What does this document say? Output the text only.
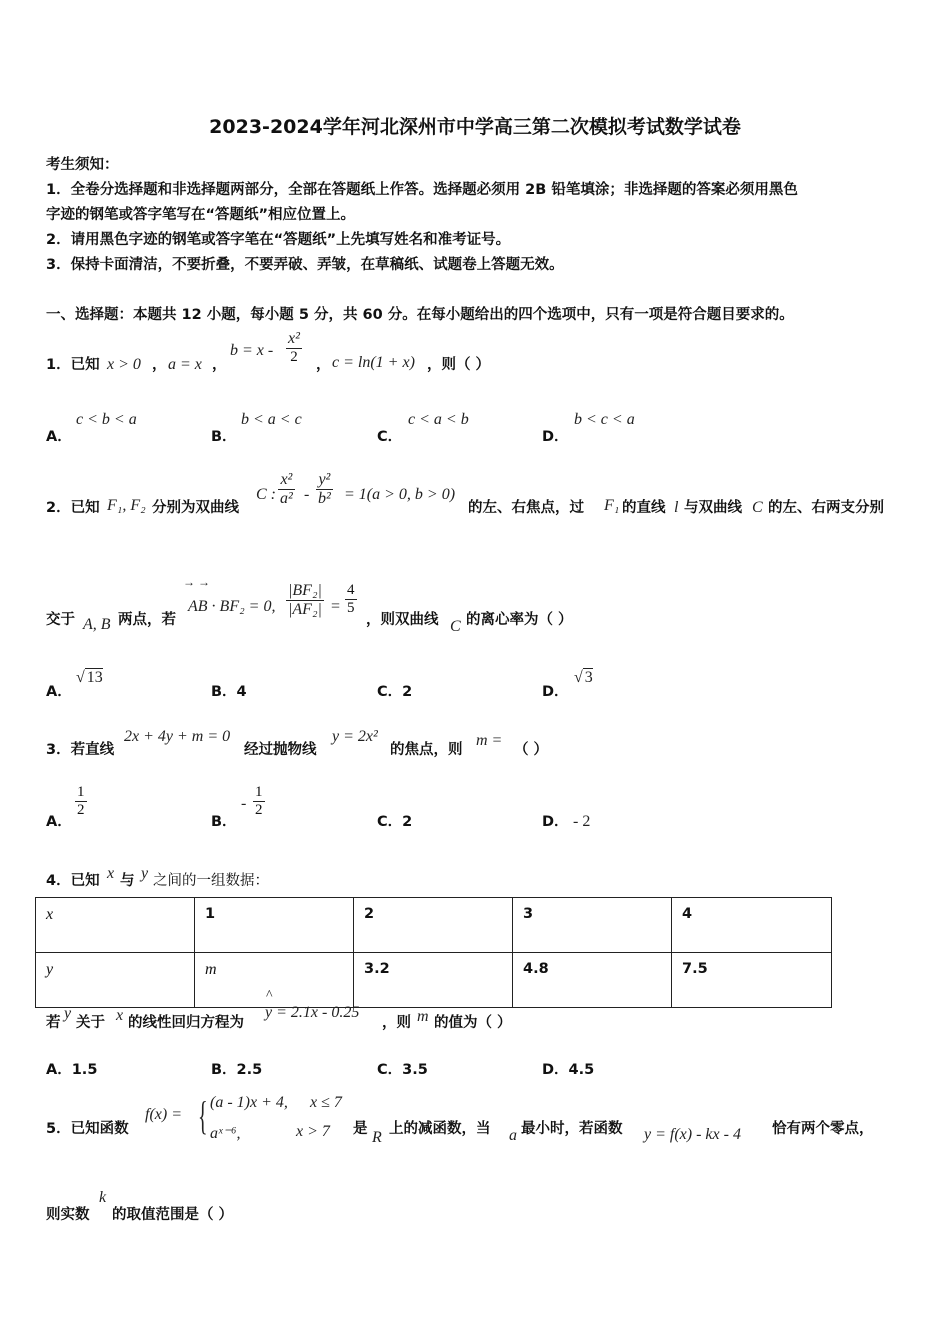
2023-2024学年河北深州市中学高三第二次模拟考试数学试卷
考生须知：
1．全卷分选择题和非选择题两部分，全部在答题纸上作答。选择题必须用 2B 铅笔填涂；非选择题的答案必须用黑色
字迹的钢笔或答字笔写在“答题纸”相应位置上。
2．请用黑色字迹的钢笔或答字笔在“答题纸”上先填写姓名和准考证号。
3．保持卡面清洁，不要折叠，不要弄破、弄皱，在草稿纸、试题卷上答题无效。
一、选择题：本题共 12 小题，每小题 5 分，共 60 分。在每小题给出的四个选项中，只有一项是符合题目要求的。
1．已知 x > 0 ， a = x ，
$b = x - \frac{\text{x²}}{2}$ ， c = ln(1 + x) ，则（ ）
A．
c < b < a
B．
b < a < c
C．
c < a < b
D．
b < c < a
2．已知 F₁, F₂ 分别为双曲线
C : $\frac{\text{x²}}{\text{a²}} - \frac{\text{y²}}{\text{b²}} = 1(a > 0$, b > 0)
的左、右焦点，过 F₁ 的直线 l 与双曲线 C 的左、右两支分别
交于 A, B 两点，若
→ →
AB · BF₂ = 0, $\frac{\text{|BF₂|}}{\text{|AF₂|}} = \frac{4}{5}$
，则双曲线 C 的离心率为（ ）
A．
√ 13
B．4	C．2	D．
√ 3
3．若直线
2x + 4y + m = 0
经过抛物线
y = 2x²
的焦点，则
m =
（ ）
A．
$\frac{1}{2}$
B．
- $\frac{1}{2}$
C．2	D． - 2
4．已知 x 与 y 之间的一组数据：
x	1	2	3	4
y	m	3.2	4.8	7.5
若
y
关于 x 的线性回归方程为
^
y = 2.1x - 0.25
，则 m 的值为（ ）
A．1.5	B．2.5	C．3.5	D．4.5
5．已知函数
f(x) = { (a - 1)x + 4, x ≤ 7
aˣ⁻⁶,	x > 7 是 R 上的减函数，当 a 最小时，若函数 y = f(x) - kx - 4 恰有两个零点，
则实数
k
的取值范围是（ ）
